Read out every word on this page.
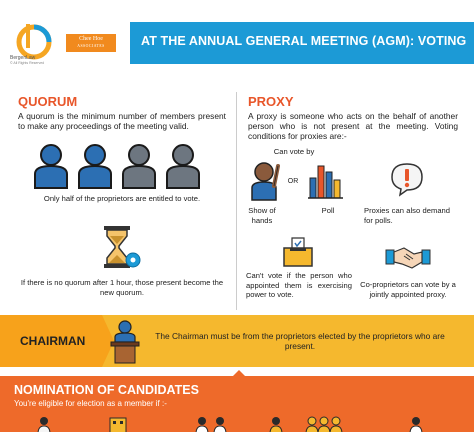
BergenLaw
© All Rights Reserved
Chee Hoe
ASSOCIATES	AT THE ANNUAL GENERAL MEETING (AGM): VOTING
QUORUM
A quorum is the minimum number of members present to make any proceedings of the meeting valid.
Only half of the proprietors are entitled to vote.
If there is no quorum after 1 hour, those present become the new quorum.
PROXY
A proxy is someone who acts on the behalf of another person who is not present at the meeting. Voting conditions for proxies are:-
Can vote by
OR
Show of hands
Poll	Proxies can also demand for polls.
Can't vote if the person who appointed them is exercising power to vote.
Co-proprietors can vote by a jointly appointed proxy.
CHAIRMAN	The Chairman must be from the proprietors elected by the proprietors who are present.
NOMINATION OF CANDIDATES
You're eligible for election as a member if :-
